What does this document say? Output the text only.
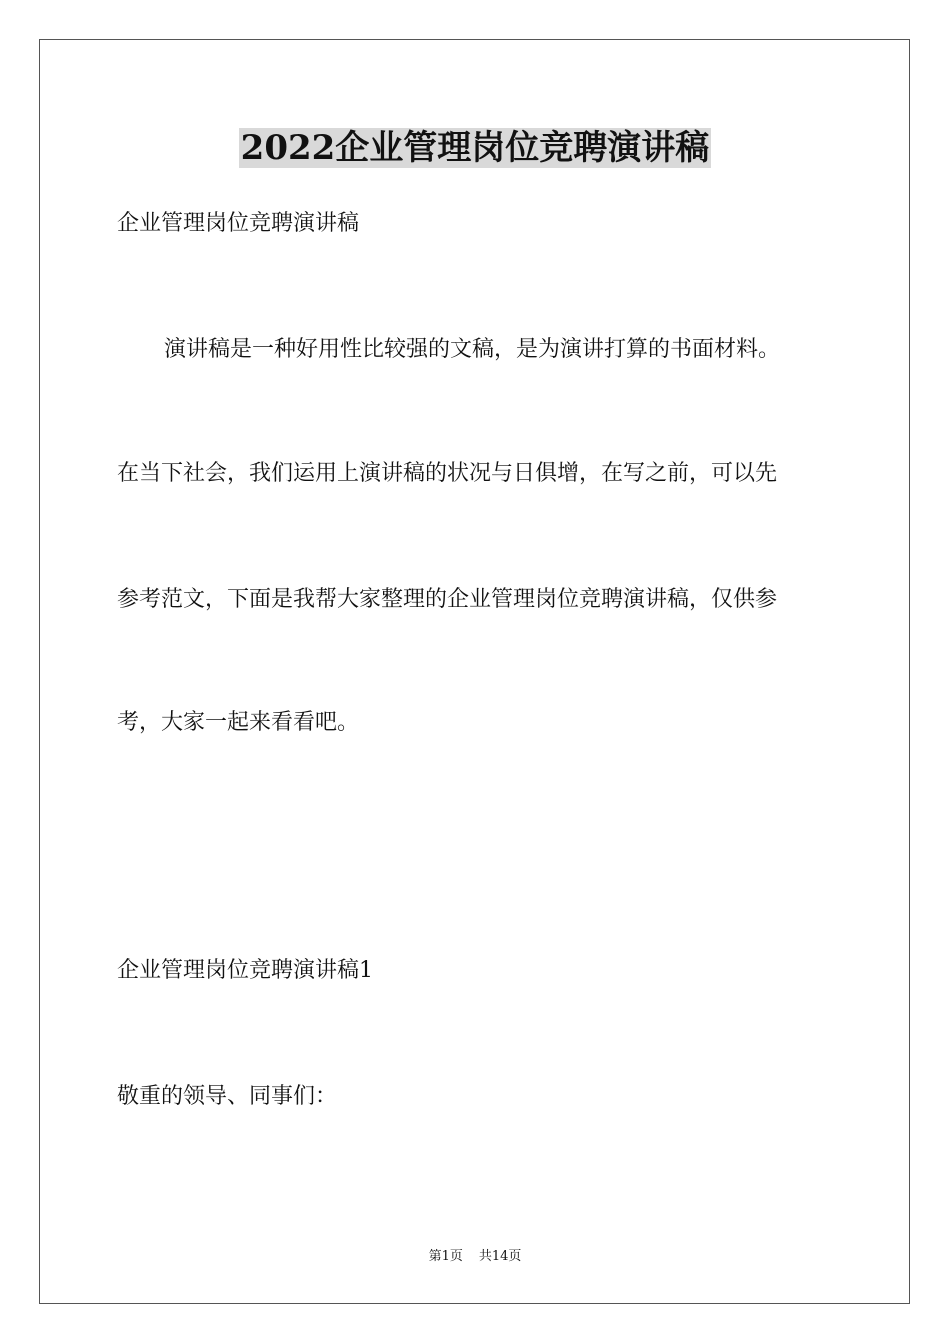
2022企业管理岗位竞聘演讲稿
企业管理岗位竞聘演讲稿
演讲稿是一种好用性比较强的文稿，是为演讲打算的书面材料。
在当下社会，我们运用上演讲稿的状况与日俱增，在写之前，可以先
参考范文，下面是我帮大家整理的企业管理岗位竞聘演讲稿，仅供参
考，大家一起来看看吧。
企业管理岗位竞聘演讲稿1
敬重的领导、同事们：
第1页 共14页
